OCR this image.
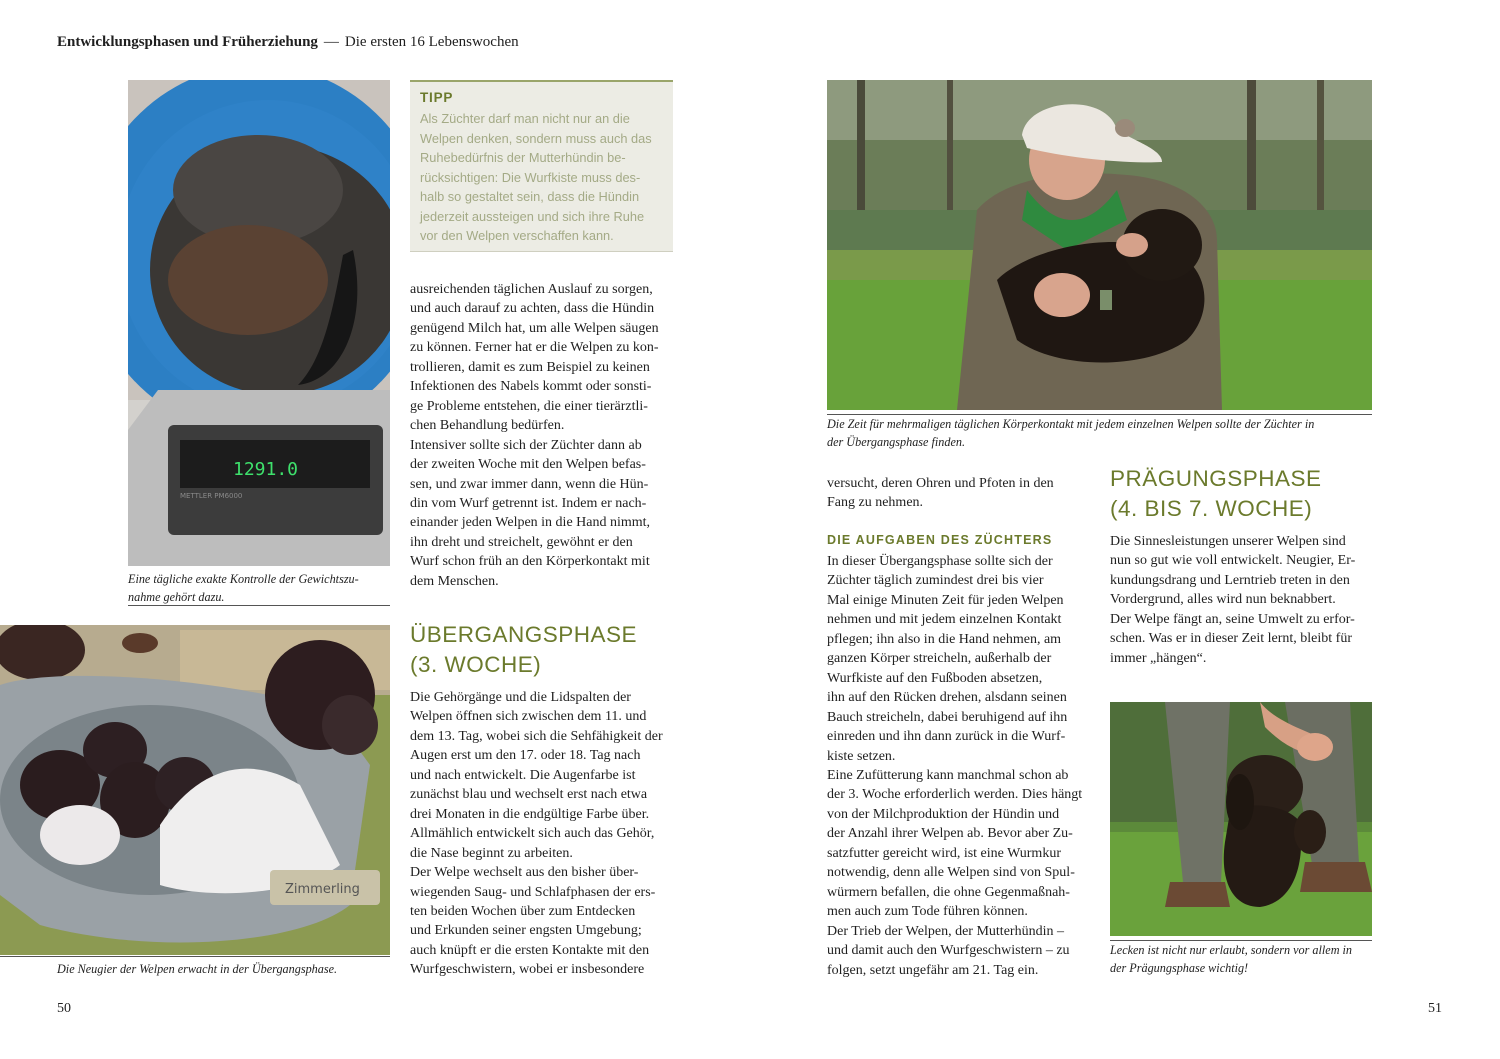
Entwicklungsphasen und Früherziehung — Die ersten 16 Lebenswochen
1291.0
METTLER PM6000
Eine tägliche exakte Kontrolle der Gewichtszu-
nahme gehört dazu.
Zimmerling
Die Neugier der Welpen erwacht in der Übergangsphase.
TIPP
Als Züchter darf man nicht nur an die
Welpen denken, sondern muss auch das
Ruhebedürfnis der Mutterhündin be-
rücksichtigen: Die Wurfkiste muss des-
halb so gestaltet sein, dass die Hündin
jederzeit aussteigen und sich ihre Ruhe
vor den Welpen verschaffen kann.

ausreichenden täglichen Auslauf zu sorgen,

und auch darauf zu achten, dass die Hündin

genügend Milch hat, um alle Welpen säugen

zu können. Ferner hat er die Welpen zu kon-

trollieren, damit es zum Beispiel zu keinen

Infektionen des Nabels kommt oder sonsti-

ge Probleme entstehen, die einer tierärztli-

chen Behandlung bedürfen.

Intensiver sollte sich der Züchter dann ab

der zweiten Woche mit den Welpen befas-

sen, und zwar immer dann, wenn die Hün-

din vom Wurf getrennt ist. Indem er nach-

einander jeden Welpen in die Hand nimmt,

ihn dreht und streichelt, gewöhnt er den

Wurf schon früh an den Körperkontakt mit

dem Menschen.

ÜBERGANGSPHASE
(3. WOCHE)

Die Gehörgänge und die Lidspalten der

Welpen öffnen sich zwischen dem 11. und

dem 13. Tag, wobei sich die Sehfähigkeit der

Augen erst um den 17. oder 18. Tag nach

und nach entwickelt. Die Augenfarbe ist

zunächst blau und wechselt erst nach etwa

drei Monaten in die endgültige Farbe über.

Allmählich entwickelt sich auch das Gehör,

die Nase beginnt zu arbeiten.

Der Welpe wechselt aus den bisher über-

wiegenden Saug- und Schlafphasen der ers-

ten beiden Wochen über zum Entdecken

und Erkunden seiner engsten Umgebung;

auch knüpft er die ersten Kontakte mit den

Wurfgeschwistern, wobei er insbesondere

50
Die Zeit für mehrmaligen täglichen Körperkontakt mit jedem einzelnen Welpen sollte der Züchter in
der Übergangsphase finden.

versucht, deren Ohren und Pfoten in den

Fang zu nehmen.

DIE AUFGABEN DES ZÜCHTERS

In dieser Übergangsphase sollte sich der

Züchter täglich zumindest drei bis vier

Mal einige Minuten Zeit für jeden Welpen

nehmen und mit jedem einzelnen Kontakt

pflegen; ihn also in die Hand nehmen, am

ganzen Körper streicheln, außerhalb der

Wurfkiste auf den Fußboden absetzen,

ihn auf den Rücken drehen, alsdann seinen

Bauch streicheln, dabei beruhigend auf ihn

einreden und ihn dann zurück in die Wurf-

kiste setzen.

Eine Zufütterung kann manchmal schon ab

der 3. Woche erforderlich werden. Dies hängt

von der Milchproduktion der Hündin und

der Anzahl ihrer Welpen ab. Bevor aber Zu-

satzfutter gereicht wird, ist eine Wurmkur

notwendig, denn alle Welpen sind von Spul-

würmern befallen, die ohne Gegenmaßnah-

men auch zum Tode führen können.

Der Trieb der Welpen, der Mutterhündin –

und damit auch den Wurfgeschwistern – zu

folgen, setzt ungefähr am 21. Tag ein.

PRÄGUNGSPHASE
(4. BIS 7. WOCHE)

Die Sinnesleistungen unserer Welpen sind

nun so gut wie voll entwickelt. Neugier, Er-

kundungsdrang und Lerntrieb treten in den

Vordergrund, alles wird nun beknabbert.

Der Welpe fängt an, seine Umwelt zu erfor-

schen. Was er in dieser Zeit lernt, bleibt für

immer „hängen“.

Lecken ist nicht nur erlaubt, sondern vor allem in
der Prägungsphase wichtig!
51
